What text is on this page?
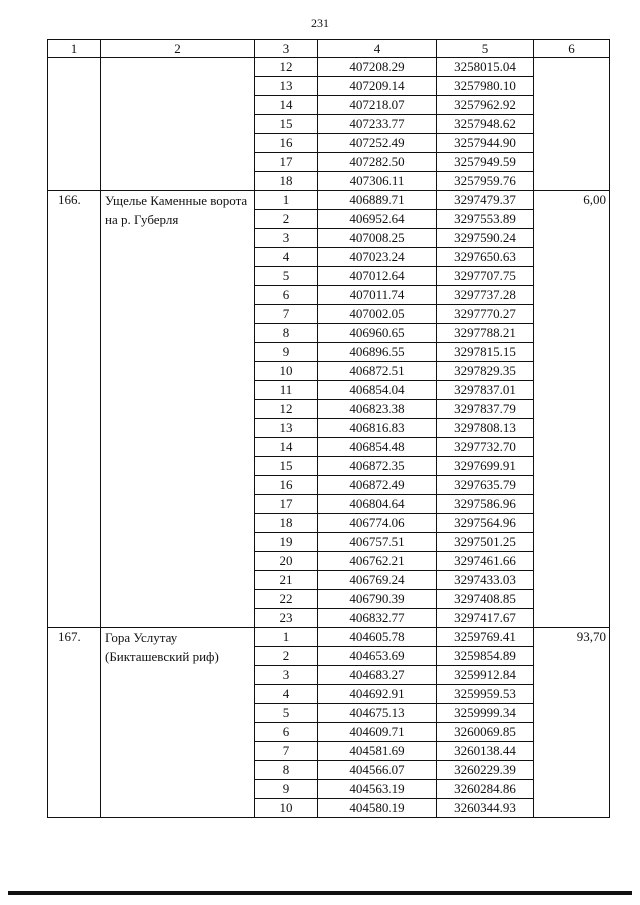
231
1	2	3	4	5	6
		12	407208.29	3258015.04	
		13	407209.14	3257980.10	
		14	407218.07	3257962.92	
		15	407233.77	3257948.62	
		16	407252.49	3257944.90	
		17	407282.50	3257949.59	
		18	407306.11	3257959.76	
166.	Ущелье Каменные ворота на р. Губерля	1	406889.71	3297479.37	6,00
		2	406952.64	3297553.89	
		3	407008.25	3297590.24	
		4	407023.24	3297650.63	
		5	407012.64	3297707.75	
		6	407011.74	3297737.28	
		7	407002.05	3297770.27	
		8	406960.65	3297788.21	
		9	406896.55	3297815.15	
		10	406872.51	3297829.35	
		11	406854.04	3297837.01	
		12	406823.38	3297837.79	
		13	406816.83	3297808.13	
		14	406854.48	3297732.70	
		15	406872.35	3297699.91	
		16	406872.49	3297635.79	
		17	406804.64	3297586.96	
		18	406774.06	3297564.96	
		19	406757.51	3297501.25	
		20	406762.21	3297461.66	
		21	406769.24	3297433.03	
		22	406790.39	3297408.85	
		23	406832.77	3297417.67	
167.	Гора Услутау (Бикташевский риф)	1	404605.78	3259769.41	93,70
		2	404653.69	3259854.89	
		3	404683.27	3259912.84	
		4	404692.91	3259959.53	
		5	404675.13	3259999.34	
		6	404609.71	3260069.85	
		7	404581.69	3260138.44	
		8	404566.07	3260229.39	
		9	404563.19	3260284.86	
		10	404580.19	3260344.93	
